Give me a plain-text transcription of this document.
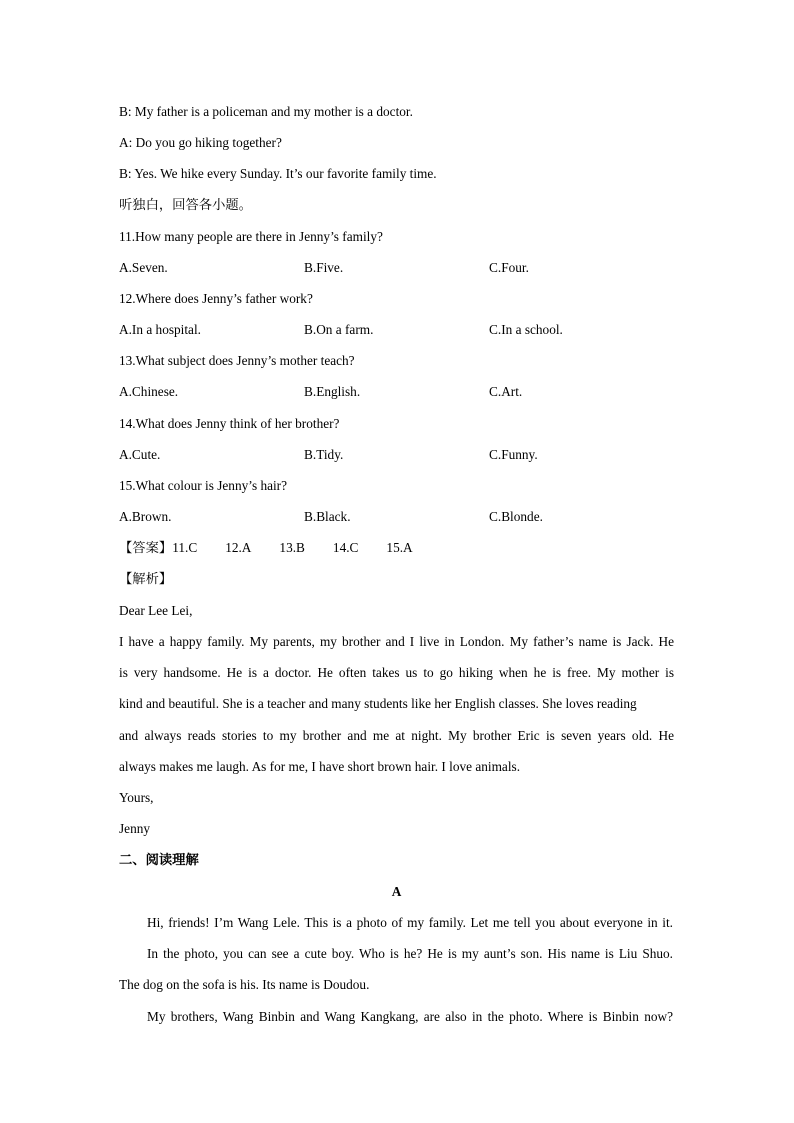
B: My father is a policeman and my mother is a doctor.
A: Do you go hiking together?
B: Yes. We hike every Sunday. It’s our favorite family time.
听独白，回答各小题。
11.How many people are there in Jenny’s family?
A.Seven.	B.Five.	C.Four.
12.Where does Jenny’s father work?
A.In a hospital.	B.On a farm.	C.In a school.
13.What subject does Jenny’s mother teach?
A.Chinese.	B.English.	C.Art.
14.What does Jenny think of her brother?
A.Cute.	B.Tidy.	C.Funny.
15.What colour is Jenny’s hair?
A.Brown.	B.Black.	C.Blonde.
【答案】11.C 12.A 13.B 14.C 15.A
【解析】
Dear Lee Lei,
I have a happy family. My parents, my brother and I live in London. My father’s name is Jack. He
is very handsome. He is a doctor. He often takes us to go hiking when he is free. My mother is
kind and beautiful. She is a teacher and many students like her English classes. She loves reading
and always reads stories to my brother and me at night. My brother Eric is seven years old. He
always makes me laugh. As for me, I have short brown hair. I love animals.
Yours,
Jenny
二、阅读理解
A
Hi, friends! I’m Wang Lele. This is a photo of my family. Let me tell you about everyone in it.
In the photo, you can see a cute boy. Who is he? He is my aunt’s son. His name is Liu Shuo.
The dog on the sofa is his. Its name is Doudou.
My brothers, Wang Binbin and Wang Kangkang, are also in the photo. Where is Binbin now?
